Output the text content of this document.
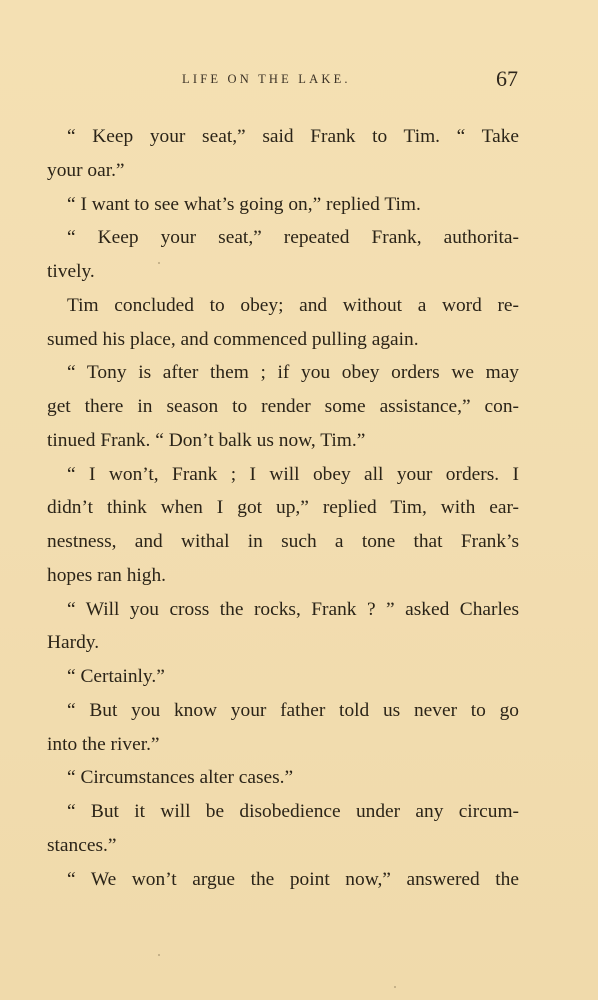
LIFE ON THE LAKE.	67
“ Keep your seat,” said Frank to Tim. “ Take
your oar.”
“ I want to see what’s going on,” replied Tim.
“ Keep your seat,” repeated Frank, authorita-
tively.
Tim concluded to obey; and without a word re-
sumed his place, and commenced pulling again.
“ Tony is after them ; if you obey orders we may
get there in season to render some assistance,” con-
tinued Frank. “ Don’t balk us now, Tim.”
“ I won’t, Frank ; I will obey all your orders. I
didn’t think when I got up,” replied Tim, with ear-
nestness, and withal in such a tone that Frank’s
hopes ran high.
“ Will you cross the rocks, Frank ? ” asked Charles
Hardy.
“ Certainly.”
“ But you know your father told us never to go
into the river.”
“ Circumstances alter cases.”
“ But it will be disobedience under any circum-
stances.”
“ We won’t argue the point now,” answered the
